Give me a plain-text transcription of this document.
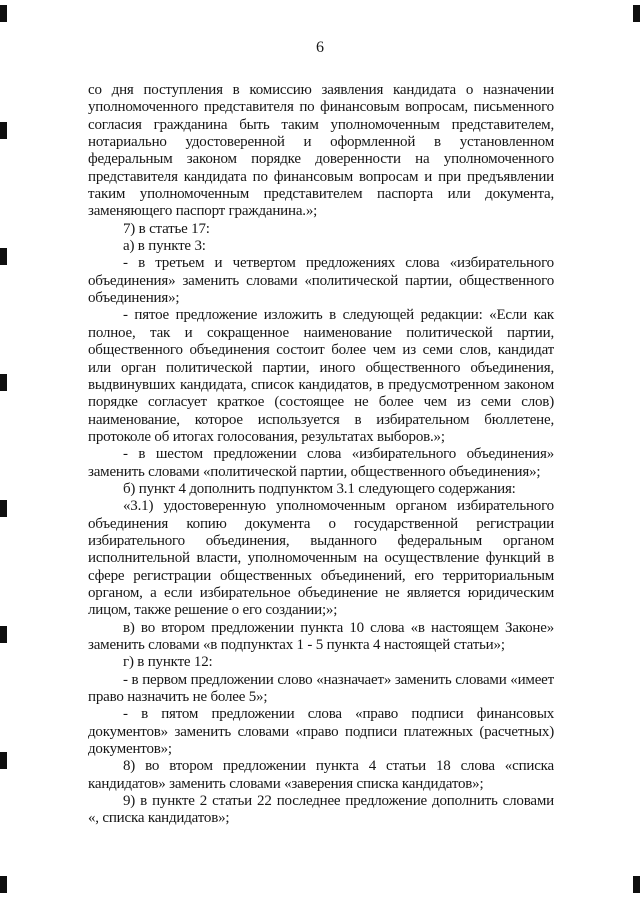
6

со дня поступления в комиссию заявления кандидата о назначении уполномоченного представителя по финансовым вопросам, письменного согласия гражданина быть таким уполномоченным представителем, нотариально удостоверенной и оформленной в установленном федеральным законом порядке доверенности на уполномоченного представителя кандидата по финансовым вопросам и при предъявлении таким уполномоченным представителем паспорта или документа, заменяющего паспорт гражданина.»;

7) в статье 17:

а) в пункте 3:

- в третьем и четвертом предложениях слова «избирательного объединения» заменить словами «политической партии, общественного объединения»;

- пятое предложение изложить в следующей редакции: «Если как полное, так и сокращенное наименование политической партии, общественного объединения состоит более чем из семи слов, кандидат или орган политической партии, иного общественного объединения, выдвинувших кандидата, список кандидатов, в предусмотренном законом порядке согласует краткое (состоящее не более чем из семи слов) наименование, которое используется в избирательном бюллетене, протоколе об итогах голосования, результатах выборов.»;

- в шестом предложении слова «избирательного объединения» заменить словами «политической партии, общественного объединения»;

б) пункт 4 дополнить подпунктом 3.1 следующего содержания:

«3.1) удостоверенную уполномоченным органом избирательного объединения копию документа о государственной регистрации избирательного объединения, выданного федеральным органом исполнительной власти, уполномоченным на осуществление функций в сфере регистрации общественных объединений, его территориальным органом, а если избирательное объединение не является юридическим лицом, также решение о его создании;»;

в) во втором предложении пункта 10 слова «в настоящем Законе» заменить словами «в подпунктах 1 - 5 пункта 4 настоящей статьи»;

г) в пункте 12:

- в первом предложении слово «назначает» заменить словами «имеет право назначить не более 5»;

- в пятом предложении слова «право подписи финансовых документов» заменить словами «право подписи платежных (расчетных) документов»;

8) во втором предложении пункта 4 статьи 18 слова «списка кандидатов» заменить словами «заверения списка кандидатов»;

9) в пункте 2 статьи 22 последнее предложение дополнить словами «, списка кандидатов»;
